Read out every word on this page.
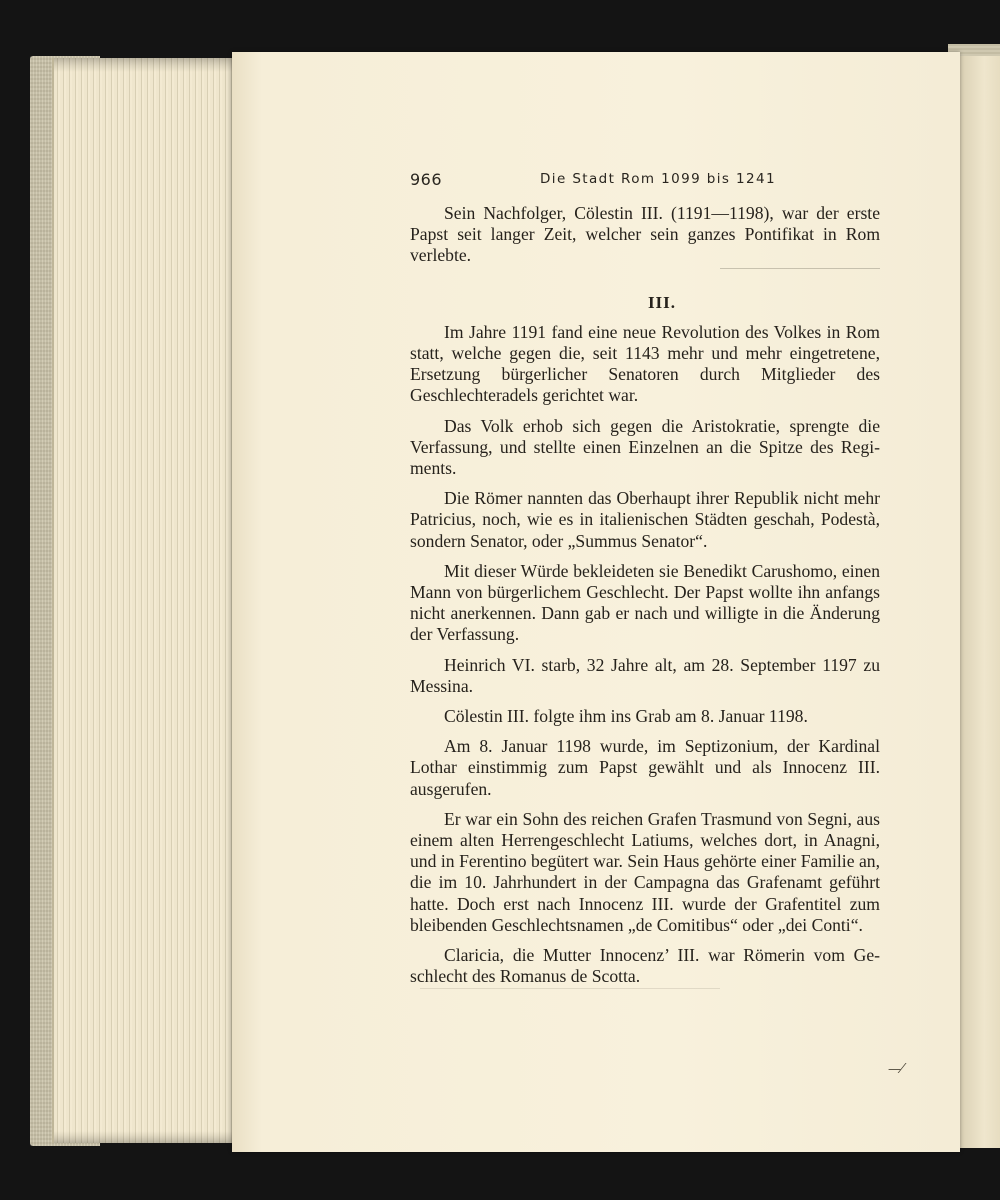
966	Die Stadt Rom 1099 bis 1241

Sein Nachfolger, Cölestin III. (1191—1198), war der erste Papst seit langer Zeit, welcher sein ganzes Pontifikat in Rom verlebte.

III.

Im Jahre 1191 fand eine neue Revolution des Volkes in Rom statt, welche gegen die, seit 1143 mehr und mehr eingetretene, Ersetzung bürgerlicher Senatoren durch Mitglieder des Geschlechteradels gerichtet war.

Das Volk erhob sich gegen die Aristokratie, sprengte die Verfassung, und stellte einen Einzelnen an die Spitze des Regiments.

Die Römer nannten das Oberhaupt ihrer Republik nicht mehr Patricius, noch, wie es in italienischen Städten geschah, Podestà, sondern Senator, oder „Summus Senator“.

Mit dieser Würde bekleideten sie Benedikt Carushomo, einen Mann von bürgerlichem Geschlecht. Der Papst wollte ihn anfangs nicht anerkennen. Dann gab er nach und willigte in die Änderung der Verfassung.

Heinrich VI. starb, 32 Jahre alt, am 28. September 1197 zu Messina.

Cölestin III. folgte ihm ins Grab am 8. Januar 1198.

Am 8. Januar 1198 wurde, im Septizonium, der Kardinal Lothar einstimmig zum Papst gewählt und als Innocenz III. ausgerufen.

Er war ein Sohn des reichen Grafen Trasmund von Segni, aus einem alten Herrengeschlecht Latiums, welches dort, in Anagni, und in Ferentino begütert war. Sein Haus gehörte einer Familie an, die im 10. Jahrhundert in der Campagna das Grafenamt geführt hatte. Doch erst nach Innocenz III. wurde der Grafentitel zum bleibenden Geschlechtsnamen „de Comitibus“ oder „dei Conti“.

Claricia, die Mutter Innocenz’ III. war Römerin vom Geschlecht des Romanus de Scotta.

—⁄
